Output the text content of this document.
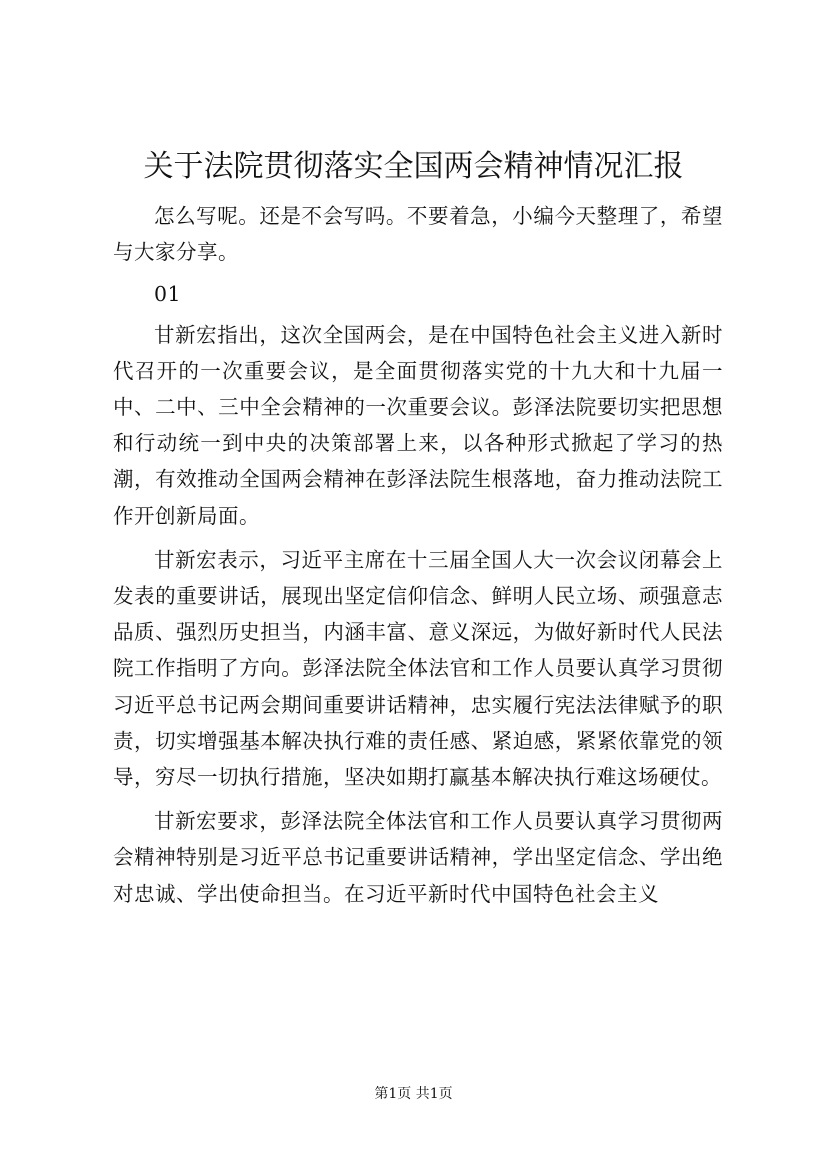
关于法院贯彻落实全国两会精神情况汇报

怎么写呢。还是不会写吗。不要着急，小编今天整理了，希望与大家分享。

01

甘新宏指出，这次全国两会，是在中国特色社会主义进入新时代召开的一次重要会议，是全面贯彻落实党的十九大和十九届一中、二中、三中全会精神的一次重要会议。彭泽法院要切实把思想和行动统一到中央的决策部署上来，以各种形式掀起了学习的热潮，有效推动全国两会精神在彭泽法院生根落地，奋力推动法院工作开创新局面。

甘新宏表示，习近平主席在十三届全国人大一次会议闭幕会上发表的重要讲话，展现出坚定信仰信念、鲜明人民立场、顽强意志品质、强烈历史担当，内涵丰富、意义深远，为做好新时代人民法院工作指明了方向。彭泽法院全体法官和工作人员要认真学习贯彻习近平总书记两会期间重要讲话精神，忠实履行宪法法律赋予的职责，切实增强基本解决执行难的责任感、紧迫感，紧紧依靠党的领导，穷尽一切执行措施，坚决如期打赢基本解决执行难这场硬仗。

甘新宏要求，彭泽法院全体法官和工作人员要认真学习贯彻两会精神特别是习近平总书记重要讲话精神，学出坚定信念、学出绝对忠诚、学出使命担当。在习近平新时代中国特色社会主义

第1页 共1页
